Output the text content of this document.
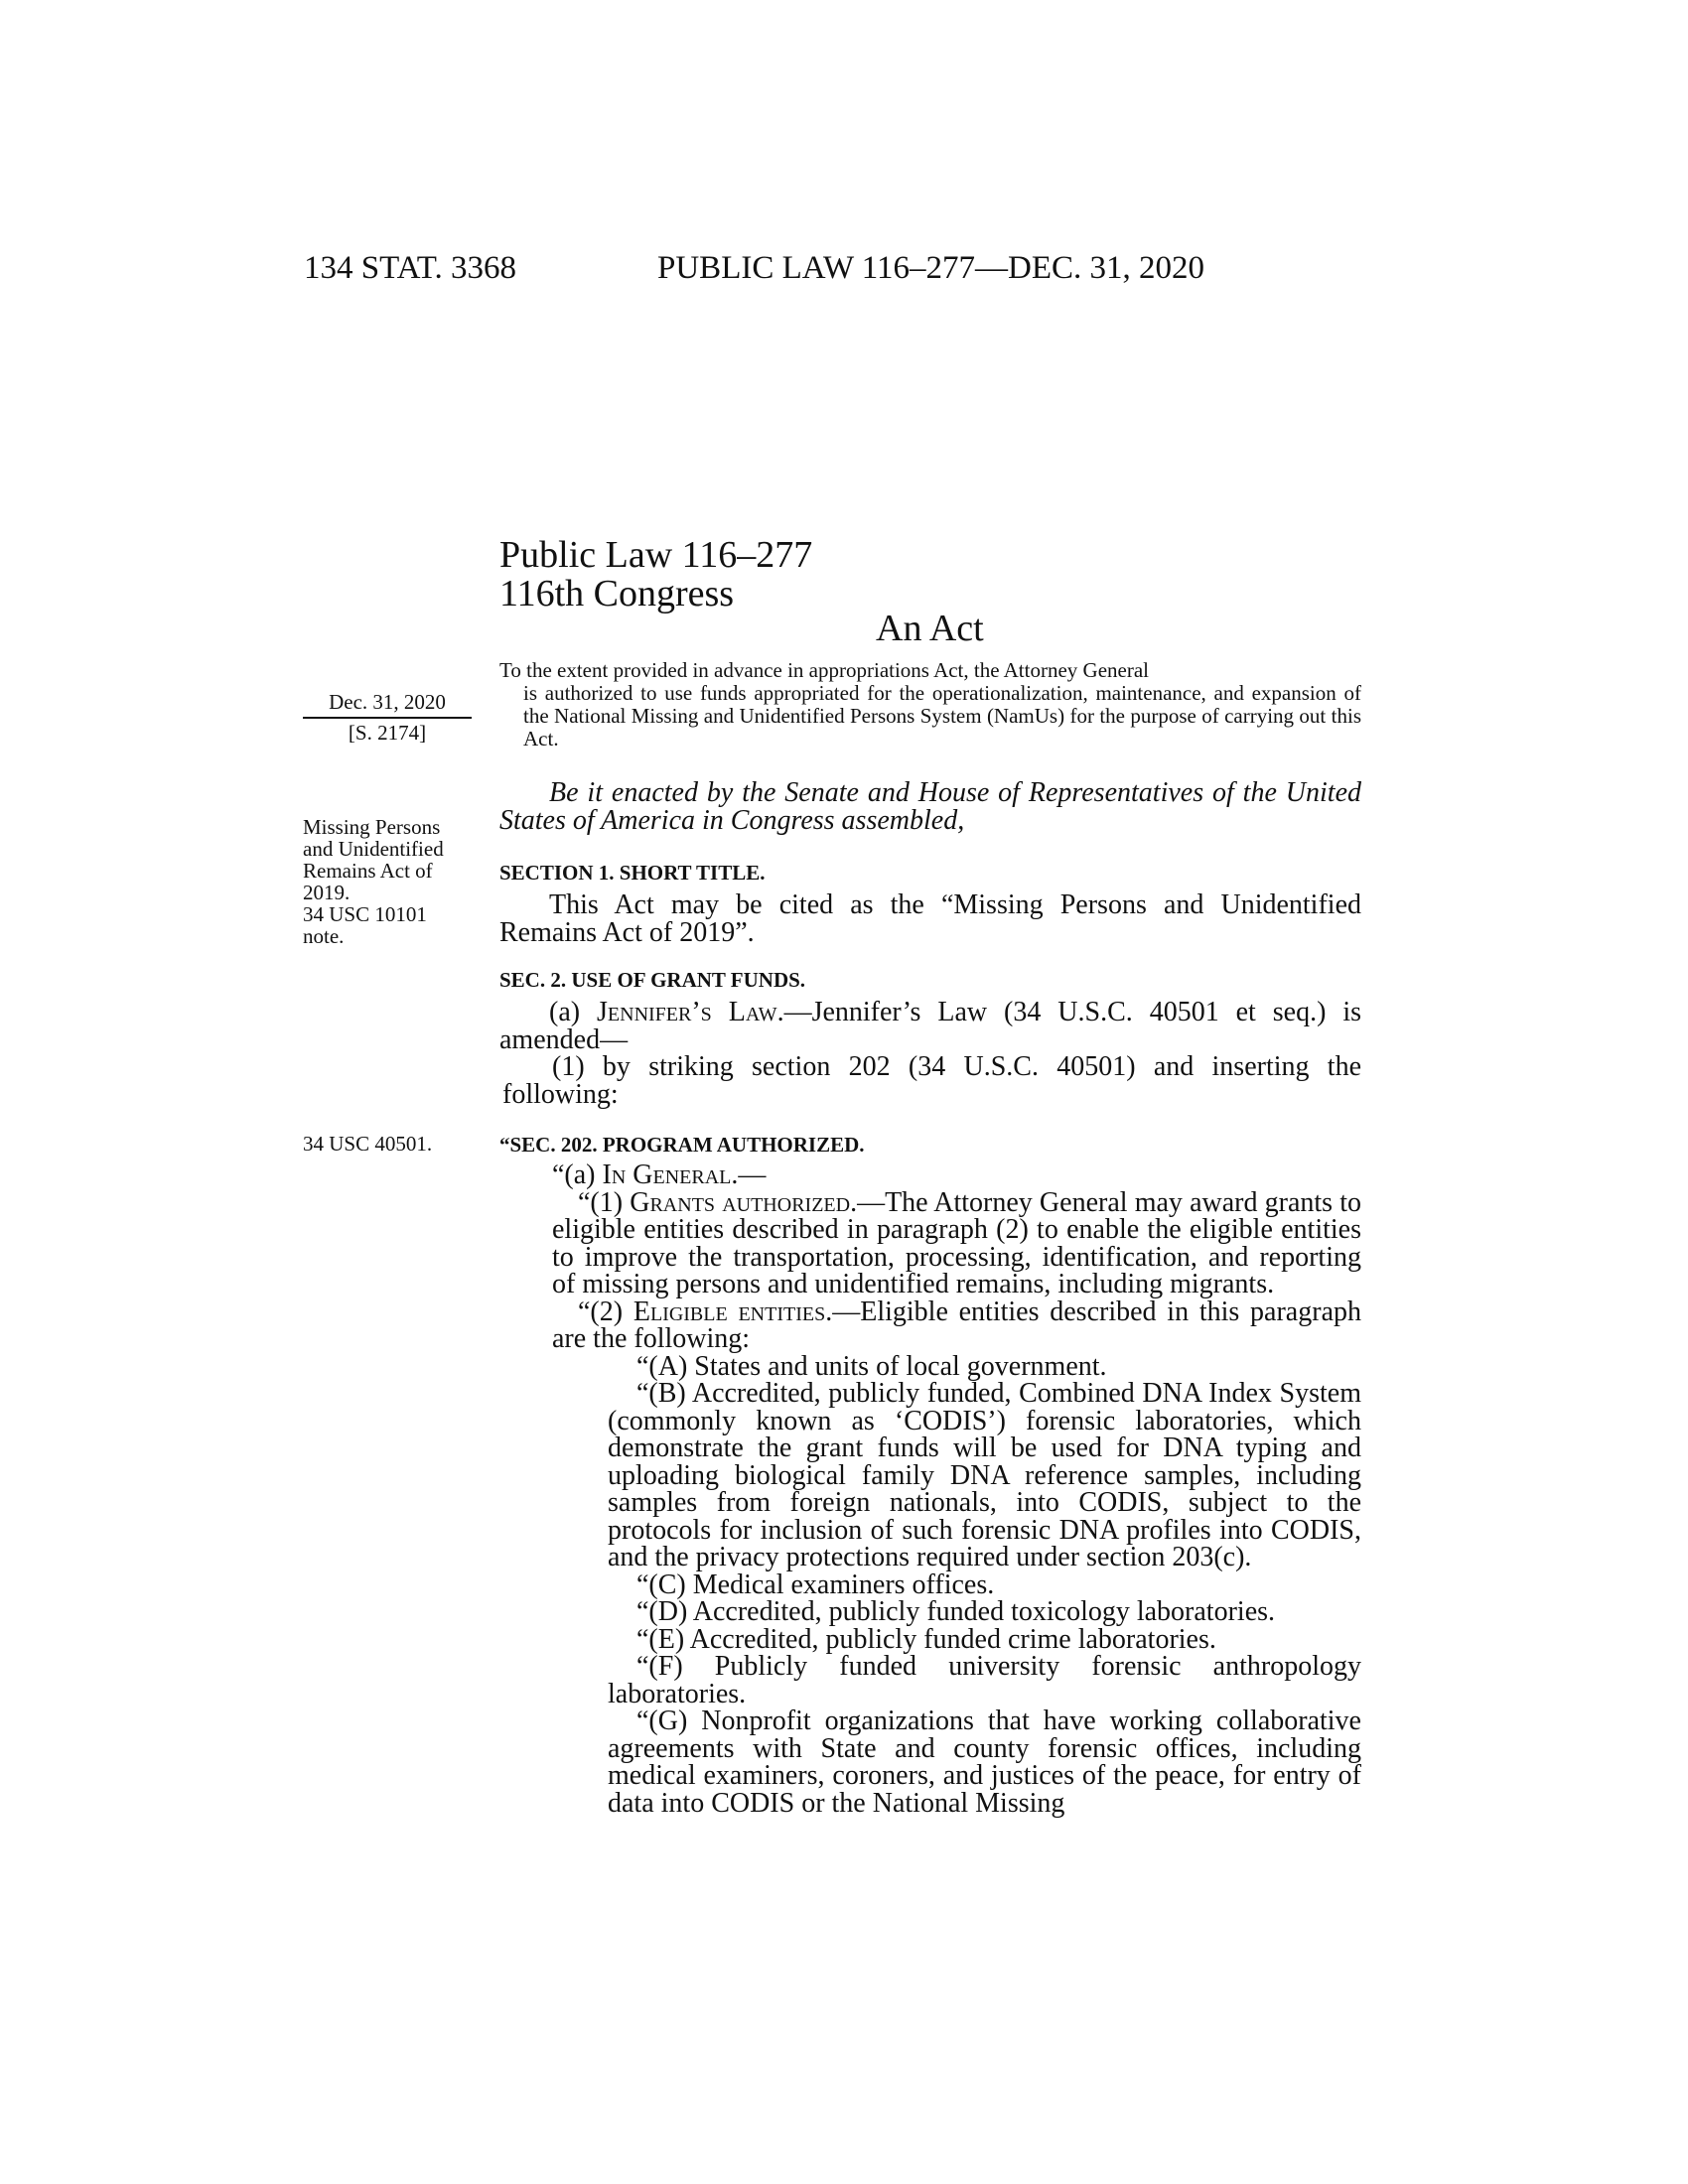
134 STAT. 3368	PUBLIC LAW 116–277—DEC. 31, 2020
Public Law 116–277
116th Congress
An Act
Dec. 31, 2020
[S. 2174]
Missing Persons and Unidentified Remains Act of 2019.
34 USC 10101 note.
34 USC 40501.
To the extent provided in advance in appropriations Act, the Attorney General
is authorized to use funds appropriated for the operationalization, maintenance, and expansion of the National Missing and Unidentified Persons System (NamUs) for the purpose of carrying out this Act.
Be it enacted by the Senate and House of Representatives of the United States of America in Congress assembled,
SECTION 1. SHORT TITLE.
This Act may be cited as the “Missing Persons and Unidentified Remains Act of 2019”.
SEC. 2. USE OF GRANT FUNDS.
(a) Jennifer’s Law.—Jennifer’s Law (34 U.S.C. 40501 et seq.) is amended—
(1) by striking section 202 (34 U.S.C. 40501) and inserting the following:
“SEC. 202. PROGRAM AUTHORIZED.
“(a) In General.—
“(1) Grants authorized.—The Attorney General may award grants to eligible entities described in paragraph (2) to enable the eligible entities to improve the transportation, processing, identification, and reporting of missing persons and unidentified remains, including migrants.
“(2) Eligible entities.—Eligible entities described in this paragraph are the following:
“(A) States and units of local government.
“(B) Accredited, publicly funded, Combined DNA Index System (commonly known as ‘CODIS’) forensic laboratories, which demonstrate the grant funds will be used for DNA typing and uploading biological family DNA reference samples, including samples from foreign nationals, into CODIS, subject to the protocols for inclusion of such forensic DNA profiles into CODIS, and the privacy protections required under section 203(c).
“(C) Medical examiners offices.
“(D) Accredited, publicly funded toxicology laboratories.
“(E) Accredited, publicly funded crime laboratories.
“(F) Publicly funded university forensic anthropology laboratories.
“(G) Nonprofit organizations that have working collaborative agreements with State and county forensic offices, including medical examiners, coroners, and justices of the peace, for entry of data into CODIS or the National Missing
